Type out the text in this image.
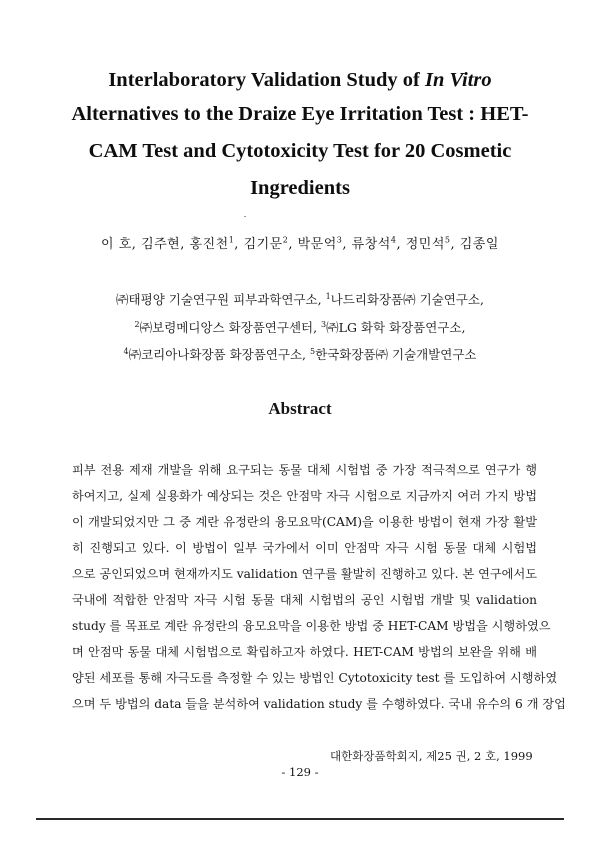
Interlaboratory Validation Study of In Vitro
Alternatives to the Draize Eye Irritation Test : HET-
CAM Test and Cytotoxicity Test for 20 Cosmetic
Ingredients
이 호, 김주현, 홍진천$^1$, 김기문$^2$, 박문억$^3$, 류창석$^4$, 정민석$^5$, 김종일
㈜태평양 기술연구원 피부과학연구소, $^1$나드리화장품㈜ 기술연구소,
$^2$㈜보령메디앙스 화장품연구센터, $^3$㈜LG 화학 화장품연구소,
$^4$㈜코리아나화장품 화장품연구소, $^5$한국화장품㈜ 기술개발연구소
Abstract
피부 전용 제재 개발을 위해 요구되는 동물 대체 시험법 중 가장 적극적으로 연구가 행
하여지고, 실제 실용화가 예상되는 것은 안점막 자극 시험으로 지금까지 여러 가지 방법
이 개발되었지만 그 중 계란 유정란의 융모요막(CAM)을 이용한 방법이 현재 가장 활발
히 진행되고 있다. 이 방법이 일부 국가에서 이미 안점막 자극 시험 동물 대체 시험법
으로 공인되었으며 현재까지도 validation 연구를 활발히 진행하고 있다. 본 연구에서도
국내에 적합한 안점막 자극 시험 동물 대체 시험법의 공인 시험법 개발 및 validation
study 를 목표로 계란 유정란의 융모요막을 이용한 방법 중 HET-CAM 방법을 시행하였으
며 안점막 동물 대체 시험법으로 확립하고자 하였다. HET-CAM 방법의 보완을 위해 배
양된 세포를 통해 자극도를 측정할 수 있는 방법인 Cytotoxicity test 를 도입하여 시행하였
으며 두 방법의 data 들을 분석하여 validation study 를 수행하였다. 국내 유수의 6 개 장업
대한화장품학회지, 제25 권, 2 호, 1999
- 129 -
